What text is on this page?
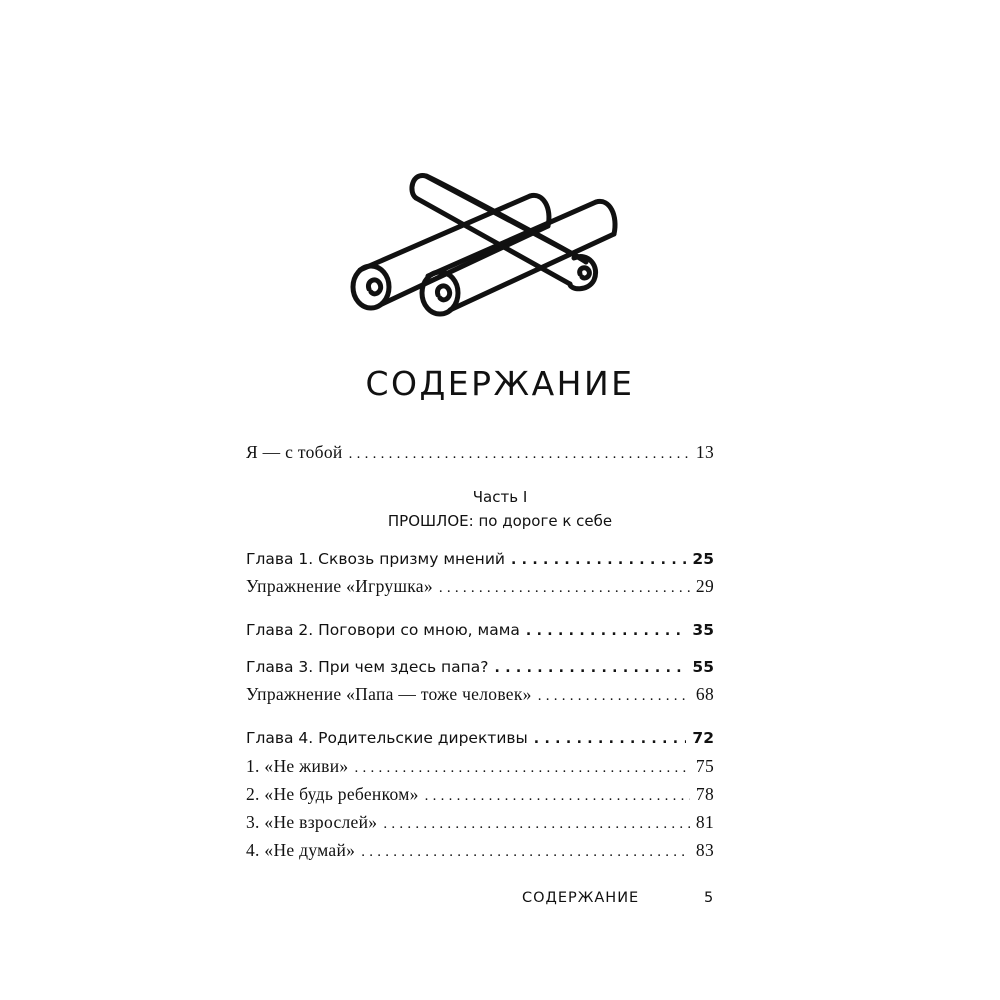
СОДЕРЖАНИЕ
Я — с тобой . . .	13
Часть I
ПРОШЛОЕ: по дороге к себе
Глава 1. Сквозь призму мнений . . .	25
Упражнение «Игрушка» . . .	29
Глава 2. Поговори со мною, мама . . .	35
Глава 3. При чем здесь папа? . . .	55
Упражнение «Папа — тоже человек» . . .	68
Глава 4. Родительские директивы . . .	72
1. «Не живи» . . .	75
2. «Не будь ребенком» . . .	78
3. «Не взрослей» . . .	81
4. «Не думай» . . .	83
СОДЕРЖАНИЕ	5
